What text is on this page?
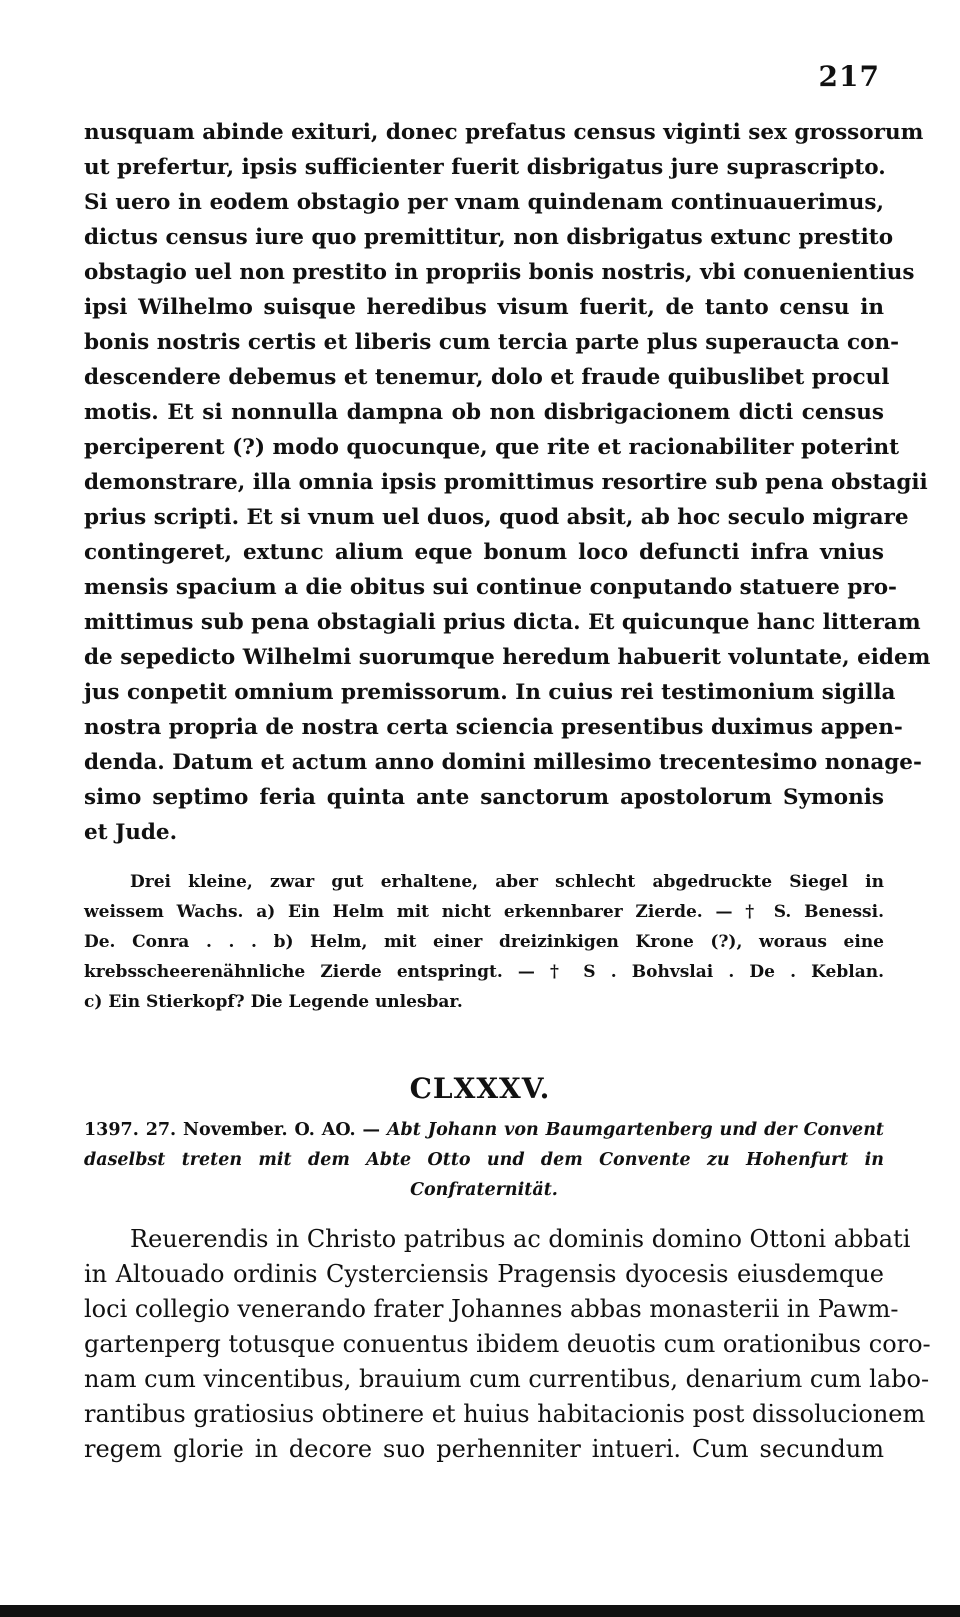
217
nusquam abinde exituri, donec prefatus census viginti sex grossorum
ut prefertur, ipsis sufficienter fuerit disbrigatus jure suprascripto.
Si uero in eodem obstagio per vnam quindenam continuauerimus,
dictus census iure quo premittitur, non disbrigatus extunc prestito
obstagio uel non prestito in propriis bonis nostris, vbi conuenientius
ipsi Wilhelmo suisque heredibus visum fuerit, de tanto censu in
bonis nostris certis et liberis cum tercia parte plus superaucta con-
descendere debemus et tenemur, dolo et fraude quibuslibet procul
motis. Et si nonnulla dampna ob non disbrigacionem dicti census
perciperent (?) modo quocunque, que rite et racionabiliter poterint
demonstrare, illa omnia ipsis promittimus resortire sub pena obstagii
prius scripti. Et si vnum uel duos, quod absit, ab hoc seculo migrare
contingeret, extunc alium eque bonum loco defuncti infra vnius
mensis spacium a die obitus sui continue conputando statuere pro-
mittimus sub pena obstagiali prius dicta. Et quicunque hanc litteram
de sepedicto Wilhelmi suorumque heredum habuerit voluntate, eidem
jus conpetit omnium premissorum. In cuius rei testimonium sigilla
nostra propria de nostra certa sciencia presentibus duximus appen-
denda. Datum et actum anno domini millesimo trecentesimo nonage-
simo septimo feria quinta ante sanctorum apostolorum Symonis
et Jude.
Drei kleine, zwar gut erhaltene, aber schlecht abgedruckte Siegel in
weissem Wachs. a) Ein Helm mit nicht erkennbarer Zierde. — † S. Benessi.
De. Conra . . . b) Helm, mit einer dreizinkigen Krone (?), woraus eine
krebsscheerenähnliche Zierde entspringt. — † S . Bohvslai . De . Keblan.
c) Ein Stierkopf? Die Legende unlesbar.
CLXXXV.
1397. 27. November. O. AO. — Abt Johann von Baumgartenberg und der Convent
daselbst treten mit dem Abte Otto und dem Convente zu Hohenfurt in
Confraternität.
Reuerendis in Christo patribus ac dominis domino Ottoni abbati
in Altouado ordinis Cysterciensis Pragensis dyocesis eiusdemque
loci collegio venerando frater Johannes abbas monasterii in Pawm-
gartenperg totusque conuentus ibidem deuotis cum orationibus coro-
nam cum vincentibus, brauium cum currentibus, denarium cum labo-
rantibus gratiosius obtinere et huius habitacionis post dissolucionem
regem glorie in decore suo perhenniter intueri. Cum secundum
